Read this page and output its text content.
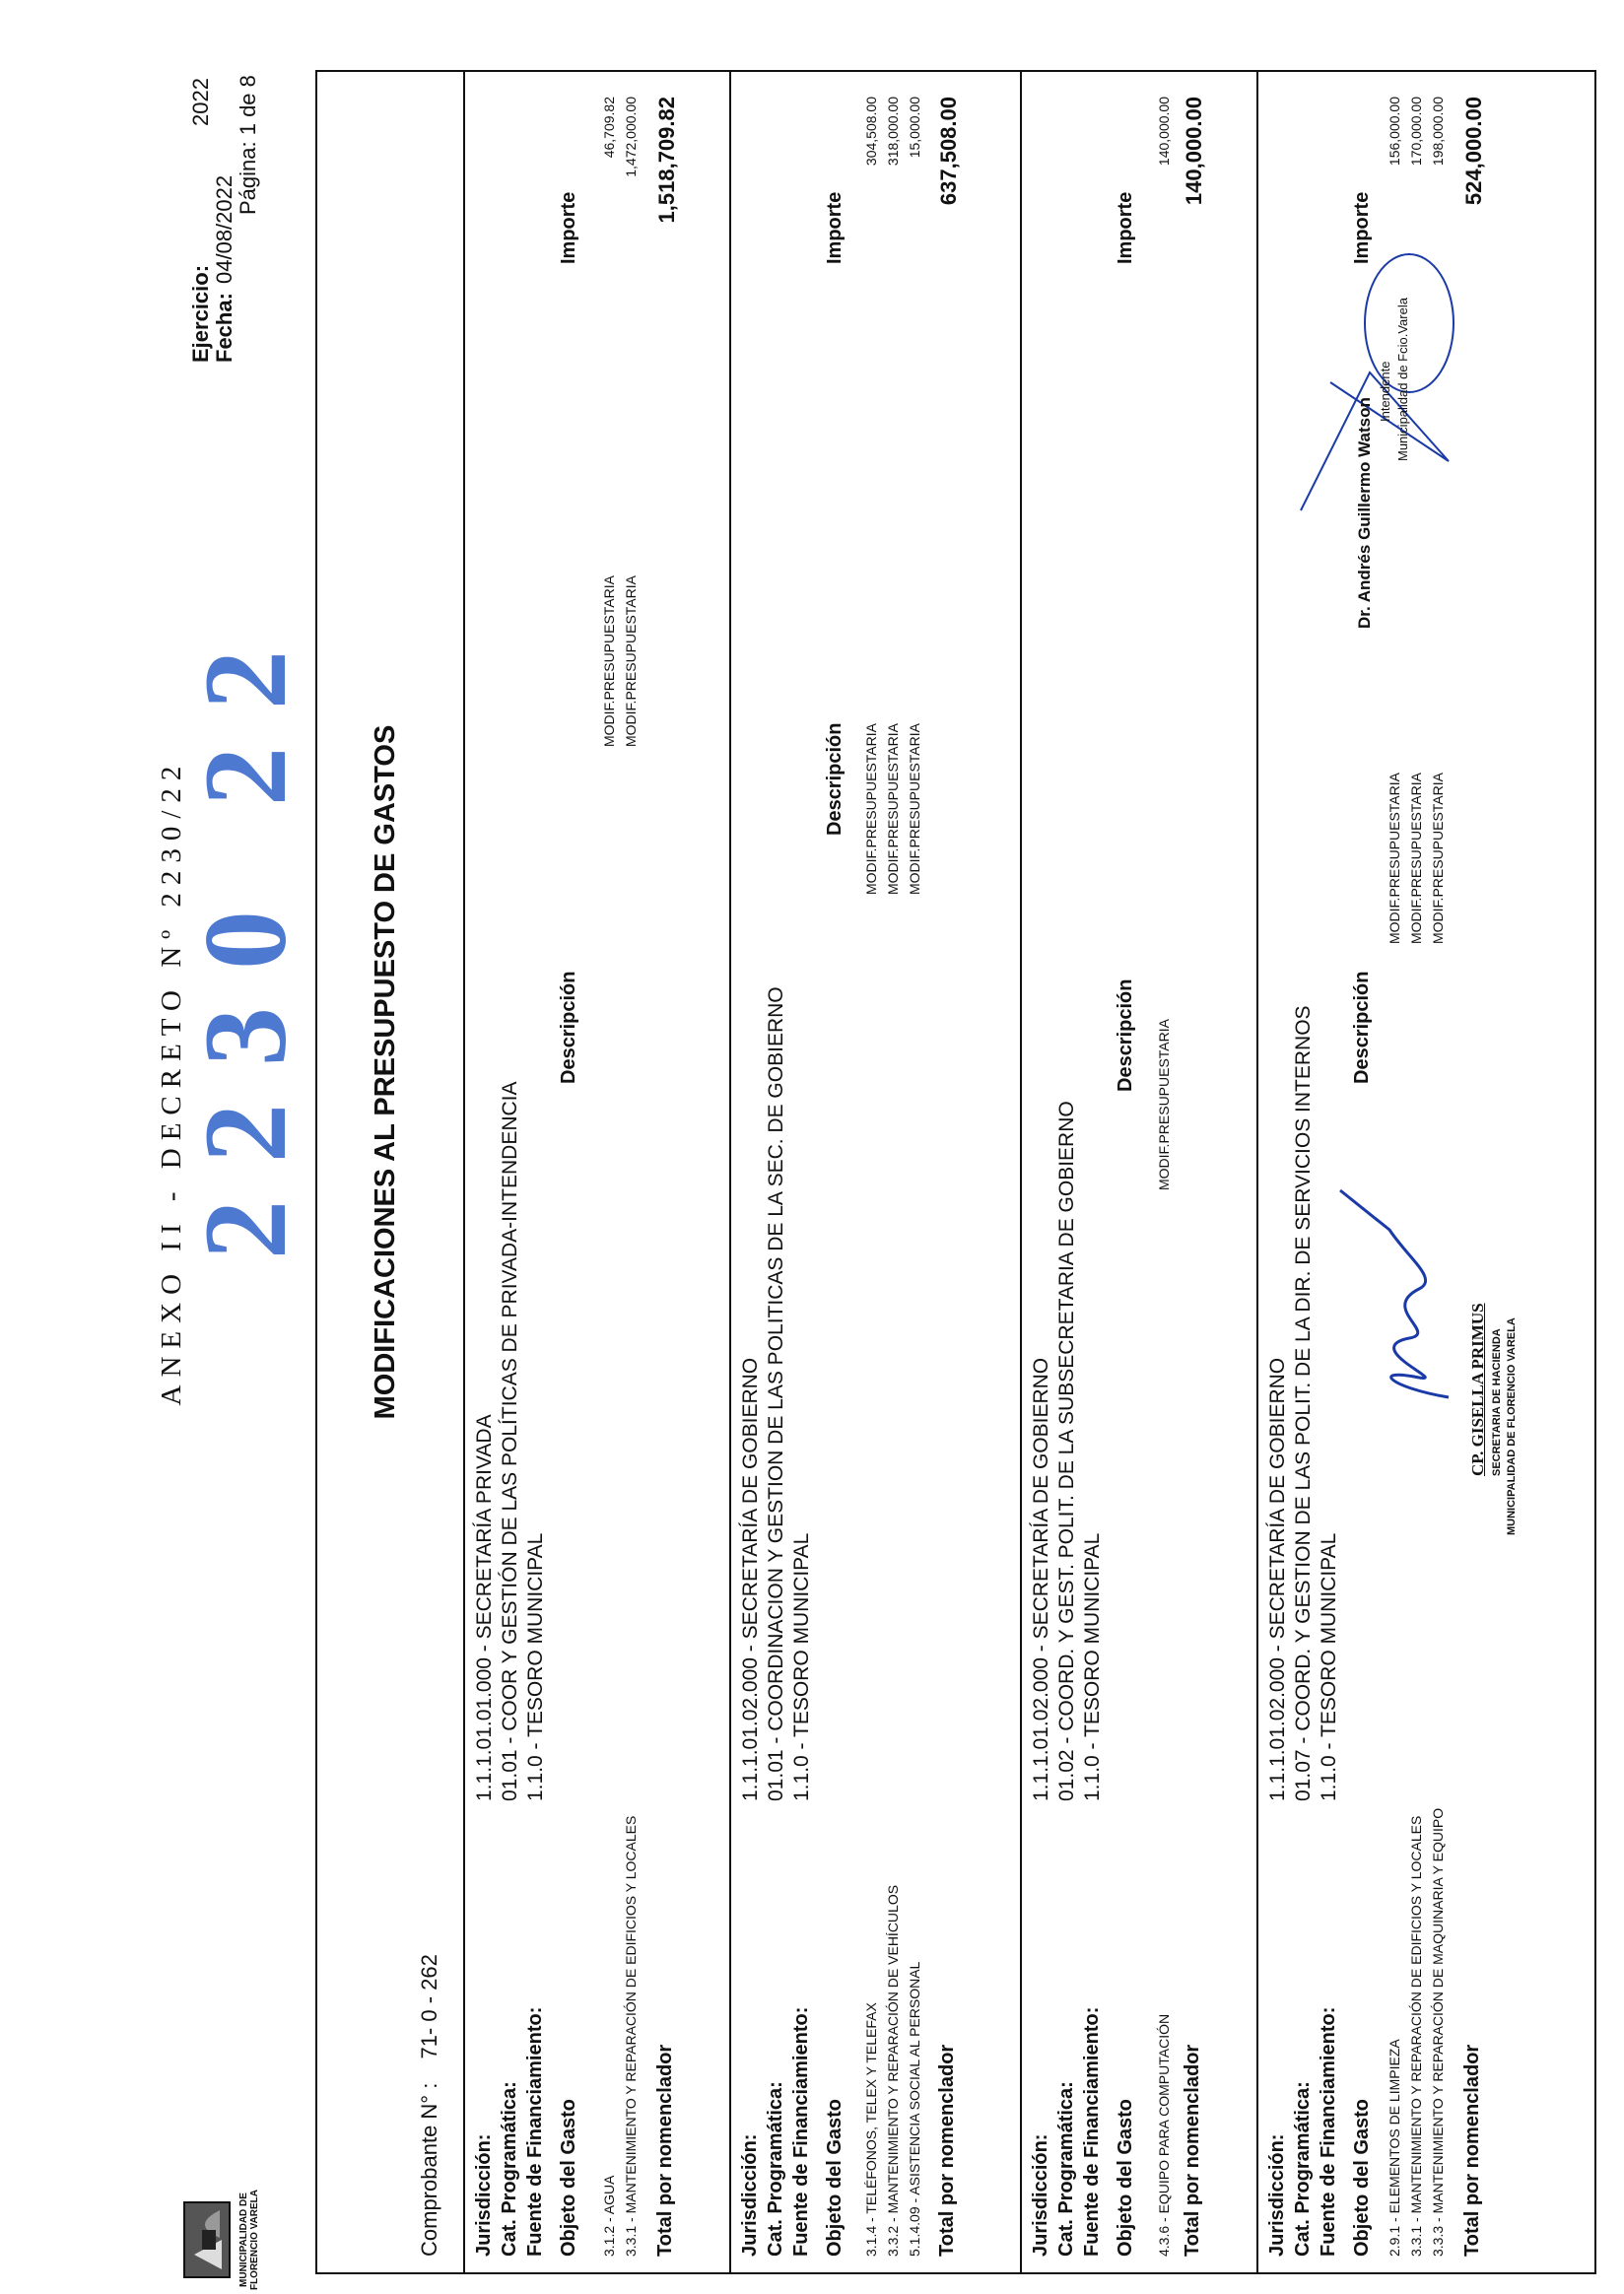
MUNICIPALIDAD DE FLORENCIO VARELA
ANEXO II - DECRETO Nº 2230/22
2230 22
Ejercicio:
2022
Fecha:
04/08/2022
Página: 1 de 8
MODIFICACIONES AL PRESUPUESTO DE GASTOS
Comprobante N° : 71- 0 - 262
Jurisdicción:
1.1.1.01.01.000 - SECRETARÍA PRIVADA
Cat. Programática:
01.01 - COOR Y GESTIÓN DE LAS POLÍTICAS DE PRIVADA-INTENDENCIA
Fuente de Financiamiento:
1.1.0 - TESORO MUNICIPAL
Objeto del Gasto
Descripción
Importe
3.1.2 - AGUA
MODIF.PRESUPUESTARIA
46,709.82
3.3.1 - MANTENIMIENTO Y REPARACIÓN DE EDIFICIOS Y LOCALES
MODIF.PRESUPUESTARIA
1,472,000.00
Total por nomenclador
1,518,709.82
Jurisdicción:
1.1.1.01.02.000 - SECRETARÍA DE GOBIERNO
Cat. Programática:
01.01 - COORDINACION Y GESTION DE LAS POLITICAS DE LA SEC. DE GOBIERNO
Fuente de Financiamiento:
1.1.0 - TESORO MUNICIPAL
Objeto del Gasto
Descripción
Importe
3.1.4 - TELÉFONOS, TELEX Y TELEFAX
MODIF.PRESUPUESTARIA
304,508.00
3.3.2 - MANTENIMIENTO Y REPARACIÓN DE VEHÍCULOS
MODIF.PRESUPUESTARIA
318,000.00
5.1.4.09 - ASISTENCIA SOCIAL AL PERSONAL
MODIF.PRESUPUESTARIA
15,000.00
Total por nomenclador
637,508.00
Jurisdicción:
1.1.1.01.02.000 - SECRETARÍA DE GOBIERNO
Cat. Programática:
01.02 - COORD. Y GEST. POLIT. DE LA SUBSECRETARIA DE GOBIERNO
Fuente de Financiamiento:
1.1.0 - TESORO MUNICIPAL
Objeto del Gasto
Descripción
Importe
4.3.6 - EQUIPO PARA COMPUTACIÓN
MODIF.PRESUPUESTARIA
140,000.00
Total por nomenclador
140,000.00
Jurisdicción:
1.1.1.01.02.000 - SECRETARÍA DE GOBIERNO
Cat. Programática:
01.07 - COORD. Y GESTION DE LAS POLIT. DE LA DIR. DE SERVICIOS INTERNOS
Fuente de Financiamiento:
1.1.0 - TESORO MUNICIPAL
Objeto del Gasto
Descripción
Importe
2.9.1 - ELEMENTOS DE LIMPIEZA
MODIF.PRESUPUESTARIA
156,000.00
3.3.1 - MANTENIMIENTO Y REPARACIÓN DE EDIFICIOS Y LOCALES
MODIF.PRESUPUESTARIA
170,000.00
3.3.3 - MANTENIMIENTO Y REPARACIÓN DE MAQUINARIA Y EQUIPO
MODIF.PRESUPUESTARIA
198,000.00
Total por nomenclador
524,000.00
CP. GISELLA PRIMUS SECRETARIA DE HACIENDA MUNICIPALIDAD DE FLORENCIO VARELA
Dr. Andrés Guillermo Watson
Intendente Municipalidad de Fcio.Varela
